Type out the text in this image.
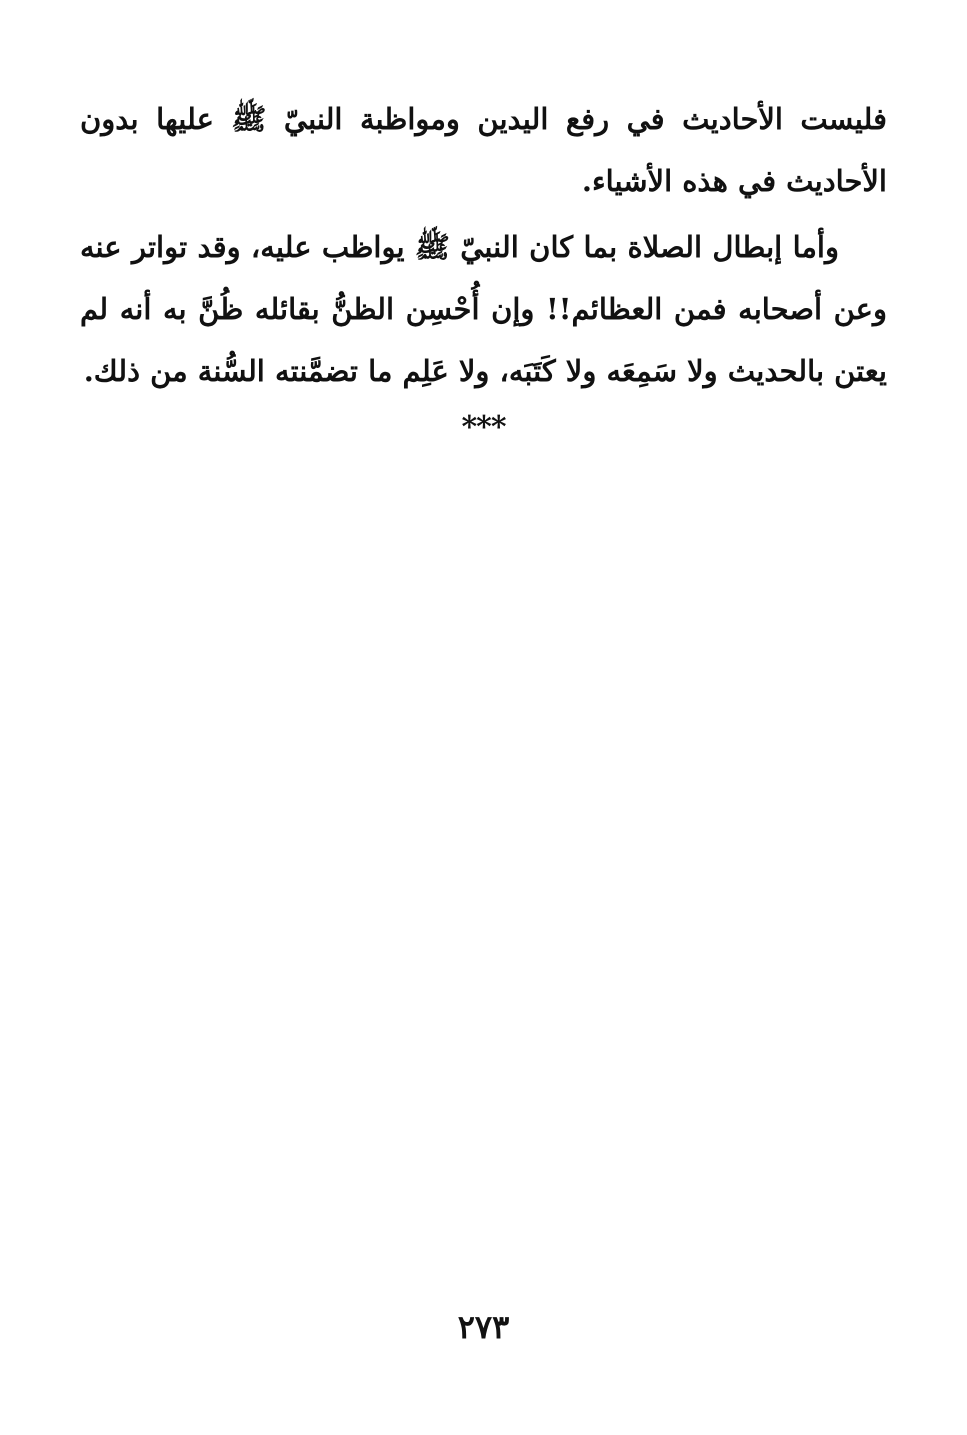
فليست الأحاديث في رفع اليدين ومواظبة النبيّ ﷺ عليها بدون الأحاديث في هذه الأشياء.

وأما إبطال الصلاة بما كان النبيّ ﷺ يواظب عليه، وقد تواتر عنه وعن أصحابه فمن العظائم!! وإن أُحْسِن الظنُّ بقائله ظُنَّ به أنه لم يعتن بالحديث ولا سَمِعَه ولا كَتَبَه، ولا عَلِم ما تضمَّنته السُّنة من ذلك.

***
٢٧٣
